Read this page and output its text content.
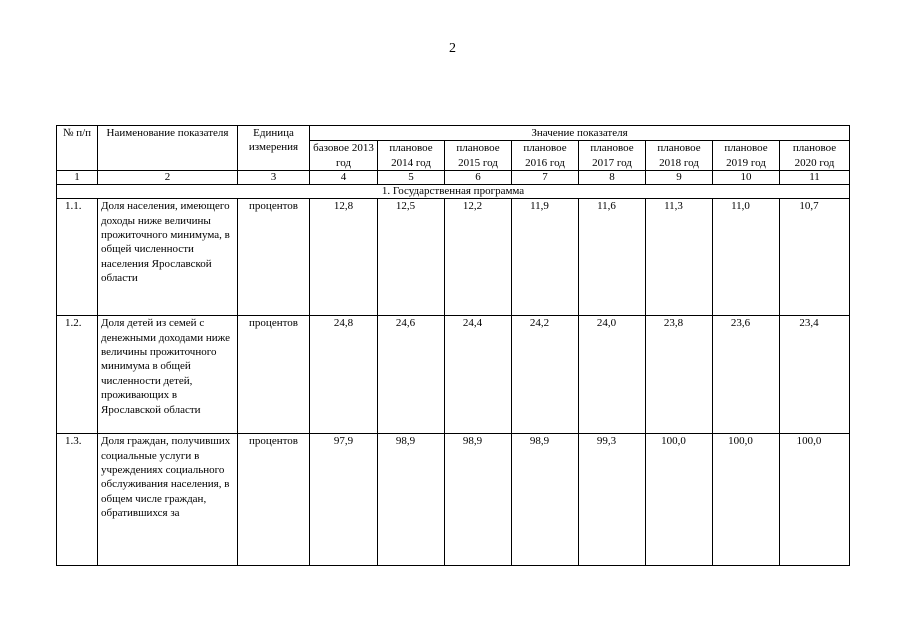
2
№ п/п	Наименование показателя	Единица измерения	Значение показателя							
			базовое 2013 год	плановое 2014 год	плановое 2015 год	плановое 2016 год	плановое 2017 год	плановое 2018 год	плановое 2019 год	плановое 2020 год
1	2	3	4	5	6	7	8	9	10	11
1. Государственная программа										
1.1.	Доля населения, имеющего доходы ниже величины прожиточного минимума, в общей численности населения Ярославской области	процентов	12,8	12,5	12,2	11,9	11,6	11,3	11,0	10,7
1.2.	Доля детей из семей с денежными доходами ниже величины прожиточного минимума в общей численности детей, проживающих в Ярославской области	процентов	24,8	24,6	24,4	24,2	24,0	23,8	23,6	23,4
1.3.	Доля граждан, получивших социальные услуги в учреждениях социального обслуживания населения, в общем числе граждан, обратившихся за	процентов	97,9	98,9	98,9	98,9	99,3	100,0	100,0	100,0
